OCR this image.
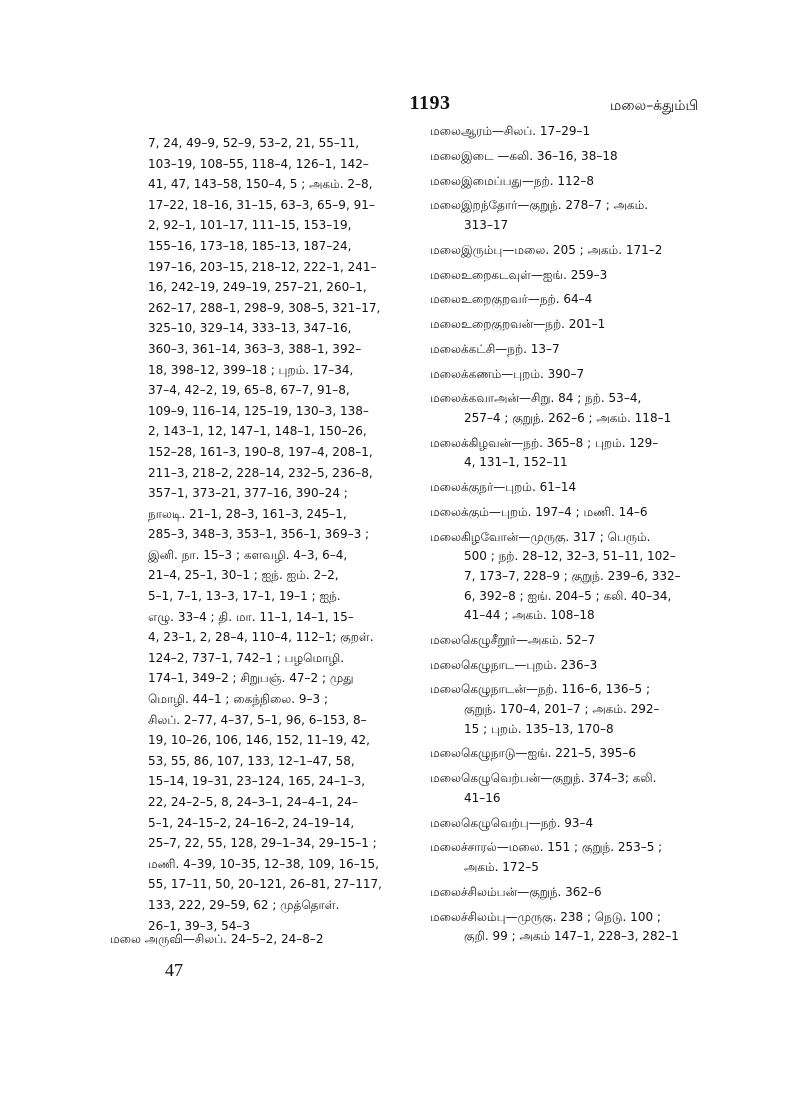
1193	மலை–க்தும்பி
7, 24, 49–9, 52–9, 53–2, 21, 55–11,
103–19, 108–55, 118–4, 126–1, 142–
41, 47, 143–58, 150–4, 5 ; அகம். 2–8,
17–22, 18–16, 31–15, 63–3, 65–9, 91–
2, 92–1, 101–17, 111–15, 153–19,
155–16, 173–18, 185–13, 187–24,
197–16, 203–15, 218–12, 222–1, 241–
16, 242–19, 249–19, 257–21, 260–1,
262–17, 288–1, 298–9, 308–5, 321–17,
325–10, 329–14, 333–13, 347–16,
360–3, 361–14, 363–3, 388–1, 392–
18, 398–12, 399–18 ; புறம். 17–34,
37–4, 42–2, 19, 65–8, 67–7, 91–8,
109–9, 116–14, 125–19, 130–3, 138–
2, 143–1, 12, 147–1, 148–1, 150–26,
152–28, 161–3, 190–8, 197–4, 208–1,
211–3, 218–2, 228–14, 232–5, 236–8,
357–1, 373–21, 377–16, 390–24 ;
நாலடி. 21–1, 28–3, 161–3, 245–1,
285–3, 348–3, 353–1, 356–1, 369–3 ;
இனி. நா. 15–3 ; களவழி. 4–3, 6–4,
21–4, 25–1, 30–1 ; ஐந். ஐம். 2–2,
5–1, 7–1, 13–3, 17–1, 19–1 ; ஐந்.
எழு. 33–4 ; தி. மா. 11–1, 14–1, 15–
4, 23–1, 2, 28–4, 110–4, 112–1; குறள்.
124–2, 737–1, 742–1 ; பழமொழி.
174–1, 349–2 ; சிறுபஞ். 47–2 ; முது
மொழி. 44–1 ; கைந்நிலை. 9–3 ;
சிலப். 2–77, 4–37, 5–1, 96, 6–153, 8–
19, 10–26, 106, 146, 152, 11–19, 42,
53, 55, 86, 107, 133, 12–1–47, 58,
15–14, 19–31, 23–124, 165, 24–1–3,
22, 24–2–5, 8, 24–3–1, 24–4–1, 24–
5–1, 24–15–2, 24–16–2, 24–19–14,
25–7, 22, 55, 128, 29–1–34, 29–15–1 ;
மணி. 4–39, 10–35, 12–38, 109, 16–15,
55, 17–11, 50, 20–121, 26–81, 27–117,
133, 222, 29–59, 62 ; முத்தொள்.
26–1, 39–3, 54–3
மலை அருவி—சிலப். 24–5–2, 24–8–2
47
மலைஆரம்—சிலப். 17–29–1
மலைஇடை —கலி. 36–16, 38–18
மலைஇமைப்பது—நற். 112–8
மலைஇறந்தோர்—குறுந். 278–7 ; அகம்.
313–17
மலைஇரும்பு—மலை. 205 ; அகம். 171–2
மலைஉறைகடவுள்—ஐங். 259–3
மலைஉறைகுறவர்—நற். 64–4
மலைஉறைகுறவன்—நற். 201–1
மலைக்கட்சி—நற். 13–7
மலைக்கணம்—புறம். 390–7
மலைக்கவாஅன்—சிறு. 84 ; நற். 53–4,
257–4 ; குறுந். 262–6 ; அகம். 118–1
மலைக்கிழவன்—நற். 365–8 ; புறம். 129–
4, 131–1, 152–11
மலைக்குநர்—புறம். 61–14
மலைக்கும்—புறம். 197–4 ; மணி. 14–6
மலைகிழவோன்—முருகு. 317 ; பெரும்.
500 ; நற். 28–12, 32–3, 51–11, 102–
7, 173–7, 228–9 ; குறுந். 239–6, 332–
6, 392–8 ; ஐங். 204–5 ; கலி. 40–34,
41–44 ; அகம். 108–18
மலைகெழுசீறூர்—அகம். 52–7
மலைகெழுநாட—புறம். 236–3
மலைகெழுநாடன்—நற். 116–6, 136–5 ;
குறுந். 170–4, 201–7 ; அகம். 292–
15 ; புறம். 135–13, 170–8
மலைகெழுநாடு—ஐங். 221–5, 395–6
மலைகெழுவெற்பன்—குறுந். 374–3; கலி.
41–16
மலைகெழுவெற்பு—நற். 93–4
மலைச்சாரல்—மலை. 151 ; குறுந். 253–5 ;
அகம். 172–5
மலைச்சிலம்பன்—குறுந். 362–6
மலைச்சிலம்பு—முருகு. 238 ; நெடு. 100 ;
குறி. 99 ; அகம் 147–1, 228–3, 282–1
